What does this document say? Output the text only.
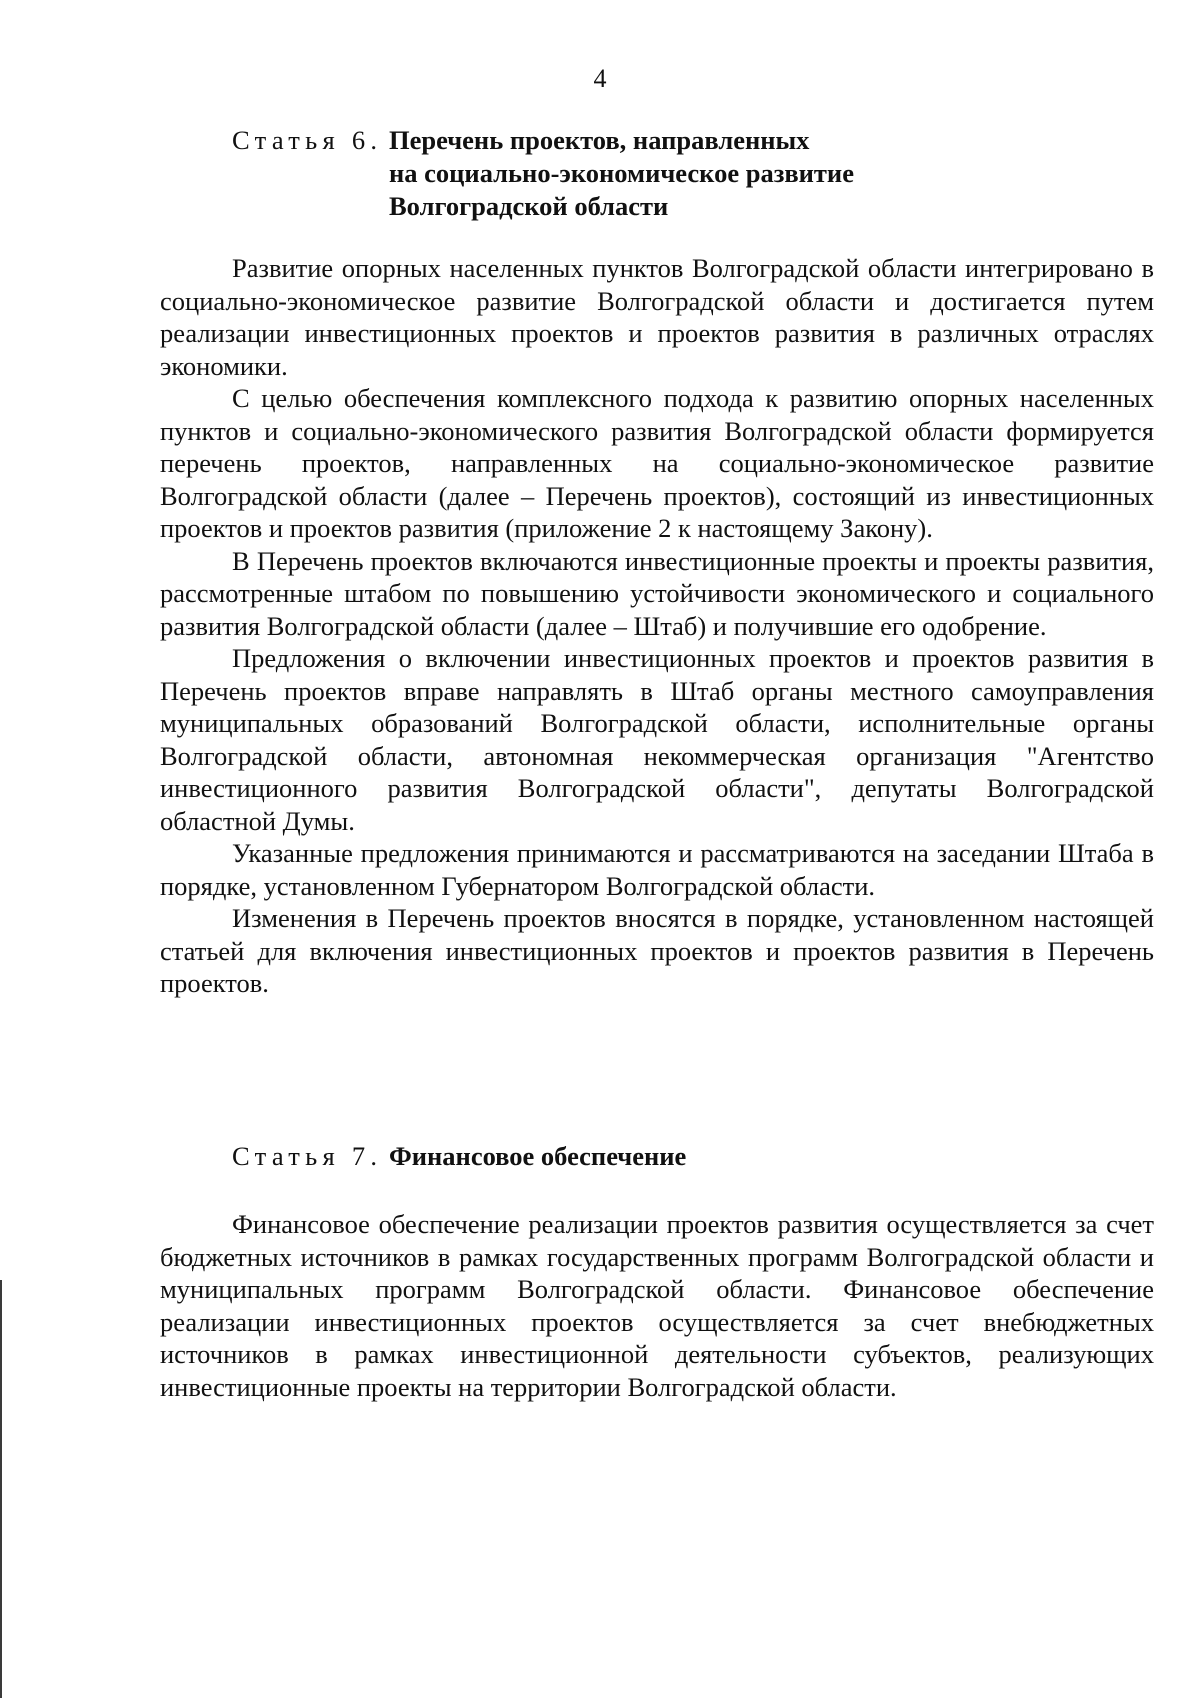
4
Статья 6. Перечень проектов, направленных
на социально-экономическое развитие
Волгоградской области

Развитие опорных населенных пунктов Волгоградской области интегрировано в социально-экономическое развитие Волгоградской области и достигается путем реализации инвестиционных проектов и проектов развития в различных отраслях экономики.

С целью обеспечения комплексного подхода к развитию опорных населенных пунктов и социально-экономического развития Волгоградской области формируется перечень проектов, направленных на социально-экономическое развитие Волгоградской области (далее – Перечень проектов), состоящий из инвестиционных проектов и проектов развития (приложение 2 к настоящему Закону).

В Перечень проектов включаются инвестиционные проекты и проекты развития, рассмотренные штабом по повышению устойчивости экономического и социального развития Волгоградской области (далее – Штаб) и получившие его одобрение.

Предложения о включении инвестиционных проектов и проектов развития в Перечень проектов вправе направлять в Штаб органы местного самоуправления муниципальных образований Волгоградской области, исполнительные органы Волгоградской области, автономная некоммерческая организация "Агентство инвестиционного развития Волгоградской области", депутаты Волгоградской областной Думы.

Указанные предложения принимаются и рассматриваются на заседании Штаба в порядке, установленном Губернатором Волгоградской области.

Изменения в Перечень проектов вносятся в порядке, установленном настоящей статьей для включения инвестиционных проектов и проектов развития в Перечень проектов.

Статья 7. Финансовое обеспечение

Финансовое обеспечение реализации проектов развития осуществляется за счет бюджетных источников в рамках государственных программ Волгоградской области и муниципальных программ Волгоградской области. Финансовое обеспечение реализации инвестиционных проектов осуществляется за счет внебюджетных источников в рамках инвестиционной деятельности субъектов, реализующих инвестиционные проекты на территории Волгоградской области.
